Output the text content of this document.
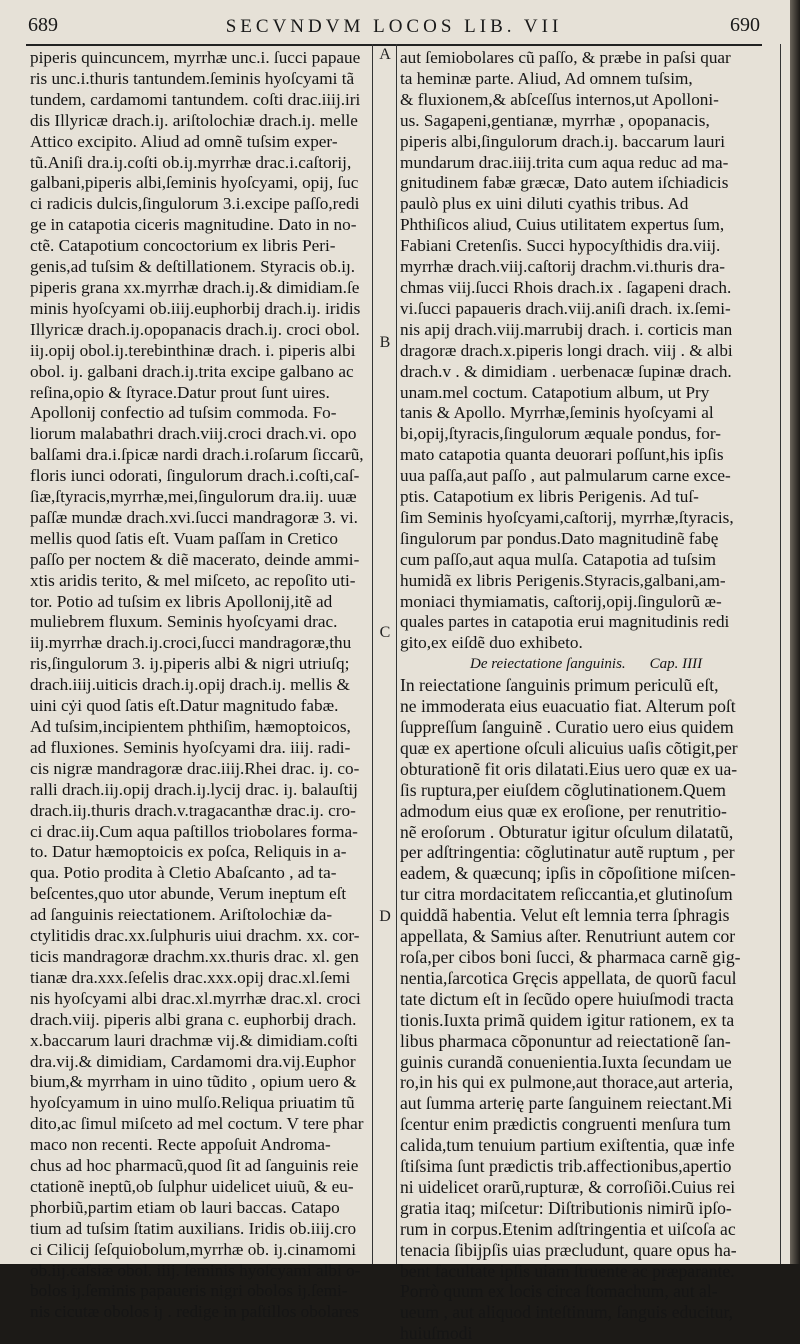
689	SECVNDVM LOCOS LIB. VII	690
A
B
C
D
piperis quincuncem, myrrhæ unc.i. ſucci papaue
ris unc.i.thuris tantundem.ſeminis hyoſcyami tã
tundem, cardamomi tantundem. coſti drac.iiij.iri
dis Illyricæ drach.iȷ. ariſtolochiæ drach.iȷ. melle
Attico excipito. Aliud ad omnẽ tuſsim exper-
tũ.Aniſi dra.iȷ.coſti ob.iȷ.myrrhæ drac.i.caſtorij,
galbani,piperis albi,ſeminis hyoſcyami, opij, ſuc
ci radicis dulcis,ſingulorum 3.i.excipe paſſo,redi
ge in catapotia ciceris magnitudine. Dato in no-
ctẽ. Catapotium concoctorium ex libris Peri-
genis,ad tuſsim & deſtillationem. Styracis ob.iȷ.
piperis grana xx.myrrhæ drach.iȷ.& dimidiam.ſe
minis hyoſcyami ob.iiij.euphorbij drach.iȷ. iridis
Illyricæ drach.iȷ.opopanacis drach.iȷ. croci obol.
iiȷ.opij obol.iȷ.terebinthinæ drach. i. piperis albi
obol. iȷ. galbani drach.iȷ.trita excipe galbano ac
reſina,opio & ſtyrace.Datur prout ſunt uires.
Apollonij confectio ad tuſsim commoda. Fo-
liorum malabathri drach.viij.croci drach.vi. opo
balſami dra.i.ſpicæ nardi drach.i.roſarum ſiccarũ,
floris iunci odorati, ſingulorum drach.i.coſti,caſ-
ſiæ,ſtyracis,myrrhæ,mei,ſingulorum dra.iiȷ. uuæ
paſſæ mundæ drach.xvi.ſucci mandragoræ 3. vi.
mellis quod ſatis eſt. Vuam paſſam in Cretico
paſſo per noctem & diẽ macerato, deinde ammi-
xtis aridis terito, & mel miſceto, ac repoſito uti-
tor. Potio ad tuſsim ex libris Apollonij,itẽ ad
muliebrem fluxum. Seminis hyoſcyami drac.
iiȷ.myrrhæ drach.iȷ.croci,ſucci mandragoræ,thu
ris,ſingulorum 3. iȷ.piperis albi & nigri utriuſq;
drach.iiij.uiticis drach.iȷ.opij drach.iȷ. mellis &
uini cẏi quod ſatis eſt.Datur magnitudo fabæ.
Ad tuſsim,incipientem phthiſim, hæmoptoicos,
ad fluxiones. Seminis hyoſcyami dra. iiij. radi-
cis nigræ mandragoræ drac.iiij.Rhei drac. iȷ. co-
ralli drach.iiȷ.opij drach.iȷ.lycij drac. iȷ. balauſtij
drach.iiȷ.thuris drach.v.tragacanthæ drac.iȷ. cro-
ci drac.iiȷ.Cum aqua paſtillos triobolares forma-
to. Datur hæmoptoicis ex poſca, Reliquis in a-
qua. Potio prodita à Cletio Abaſcanto , ad ta-
beſcentes,quo utor abunde, Verum ineptum eſt
ad ſanguinis reiectationem. Ariſtolochiæ da-
ctylitidis drac.xx.ſulphuris uiui drachm. xx. cor-
ticis mandragoræ drachm.xx.thuris drac. xl. gen
tianæ dra.xxx.ſeſelis drac.xxx.opij drac.xl.ſemi
nis hyoſcyami albi drac.xl.myrrhæ drac.xl. croci
drach.viij. piperis albi grana c. euphorbij drach.
x.baccarum lauri drachmæ vij.& dimidiam.coſti
dra.vij.& dimidiam, Cardamomi dra.vij.Euphor
bium,& myrrham in uino tũdito , opium uero &
hyoſcyamum in uino mulſo.Reliqua priuatim tũ
dito,ac ſimul miſceto ad mel coctum. V tere phar
maco non recenti. Recte appoſuit Androma-
chus ad hoc pharmacũ,quod ſit ad ſanguinis reie
ctationẽ ineptũ,ob ſulphur uidelicet uiuũ, & eu-
phorbiũ,partim etiam ob lauri baccas. Catapo
tium ad tuſsim ſtatim auxilians. Iridis ob.iiij.cro
ci Cilicij ſeſquiobolum,myrrhæ ob. iȷ.cinamomi
ob.iiȷ.caſsiæ obol. iiij. ſeminis hyoſcyami albi o-
bolos iȷ.ſeminis papaueris nigri obolos iȷ.ſemi-
nis cicutæ obolos iȷ . redige in paſtillos obolares
aut ſemiobolares cũ paſſo, & præbe in paſsi quar
ta heminæ parte. Aliud, Ad omnem tuſsim,
& fluxionem,& abſceſſus internos,ut Apolloni-
us. Sagapeni,gentianæ, myrrhæ , opopanacis,
piperis albi,ſingulorum drach.iȷ. baccarum lauri
mundarum drac.iiij.trita cum aqua reduc ad ma-
gnitudinem fabæ græcæ, Dato autem iſchiadicis
paulò plus ex uini diluti cyathis tribus. Ad
Phthiſicos aliud, Cuius utilitatem expertus ſum,
Fabiani Cretenſis. Succi hypocyſthidis dra.viij.
myrrhæ drach.viij.caſtorij drachm.vi.thuris dra-
chmas viij.ſucci Rhois drach.ix . ſagapeni drach.
vi.ſucci papaueris drach.viij.aniſi drach. ix.ſemi-
nis apij drach.viij.marrubij drach. i. corticis man
dragoræ drach.x.piperis longi drach. viij . & albi
drach.v . & dimidiam . uerbenacæ ſupinæ drach.
unam.mel coctum. Catapotium album, ut Pry
tanis & Apollo. Myrrhæ,ſeminis hyoſcyami al
bi,opij,ſtyracis,ſingulorum æquale pondus, for-
mato catapotia quanta deuorari poſſunt,his ipſis
uua paſſa,aut paſſo , aut palmularum carne exce-
ptis. Catapotium ex libris Perigenis. Ad tuſ-
ſim Seminis hyoſcyami,caſtorij, myrrhæ,ſtyracis,
ſingulorum par pondus.Dato magnitudinẽ fabę
cum paſſo,aut aqua mulſa. Catapotia ad tuſsim
humidã ex libris Perigenis.Styracis,galbani,am-
moniaci thymiamatis, caſtorij,opij.ſingulorũ æ-
quales partes in catapotia erui magnitudinis redi
gito,ex eiſdẽ duo exhibeto.
De reiectatione ſanguinis. Cap. IIII
In reiectatione ſanguinis primum periculũ eſt,
ne immoderata eius euacuatio fiat. Alterum poſt
ſuppreſſum ſanguinẽ . Curatio uero eius quidem
quæ ex apertione oſculi alicuius uaſis cõtigit,per
obturationẽ fit oris dilatati.Eius uero quæ ex ua-
ſis ruptura,per eiuſdem cõglutinationem.Quem
admodum eius quæ ex eroſione, per renutritio-
nẽ eroſorum . Obturatur igitur oſculum dilatatũ,
per adſtringentia: cõglutinatur autẽ ruptum , per
eadem, & quæcunq; ipſis in cõpoſitione miſcen-
tur citra mordacitatem reſiccantia,et glutinoſum
quiddã habentia. Velut eſt lemnia terra ſphragis
appellata, & Samius aſter. Renutriunt autem cor
roſa,per cibos boni ſucci, & pharmaca carnẽ gig-
nentia,ſarcotica Gręcis appellata, de quorũ facul
tate dictum eſt in ſecũdo opere huiuſmodi tracta
tionis.Iuxta primã quidem igitur rationem, ex ta
libus pharmaca cõponuntur ad reiectationẽ ſan-
guinis curandã conuenientia.Iuxta ſecundam ue
ro,in his qui ex pulmone,aut thorace,aut arteria,
aut ſumma arterię parte ſanguinem reiectant.Mi
ſcentur enim prædictis congruenti menſura tum
calida,tum tenuium partium exiſtentia, quæ infe
ſtiſsima ſunt prædictis trib.affectionibus,apertio
ni uidelicet orarũ,rupturæ, & corroſiõi.Cuius rei
gratia itaq; miſcetur: Diſtributionis nimirũ ipſo-
rum in corpus.Etenim adſtringentia et uiſcoſa ac
tenacia ſibijpſis uias præcludunt, quare opus ha-
bent facultate ipſis uiam ſtruente ac præparante.
Porrò quum ex locis circa ſtomachum, aut al-
ueum , aut aliquod inteſtinum, ſanguis educitur,
huiuſmodi
